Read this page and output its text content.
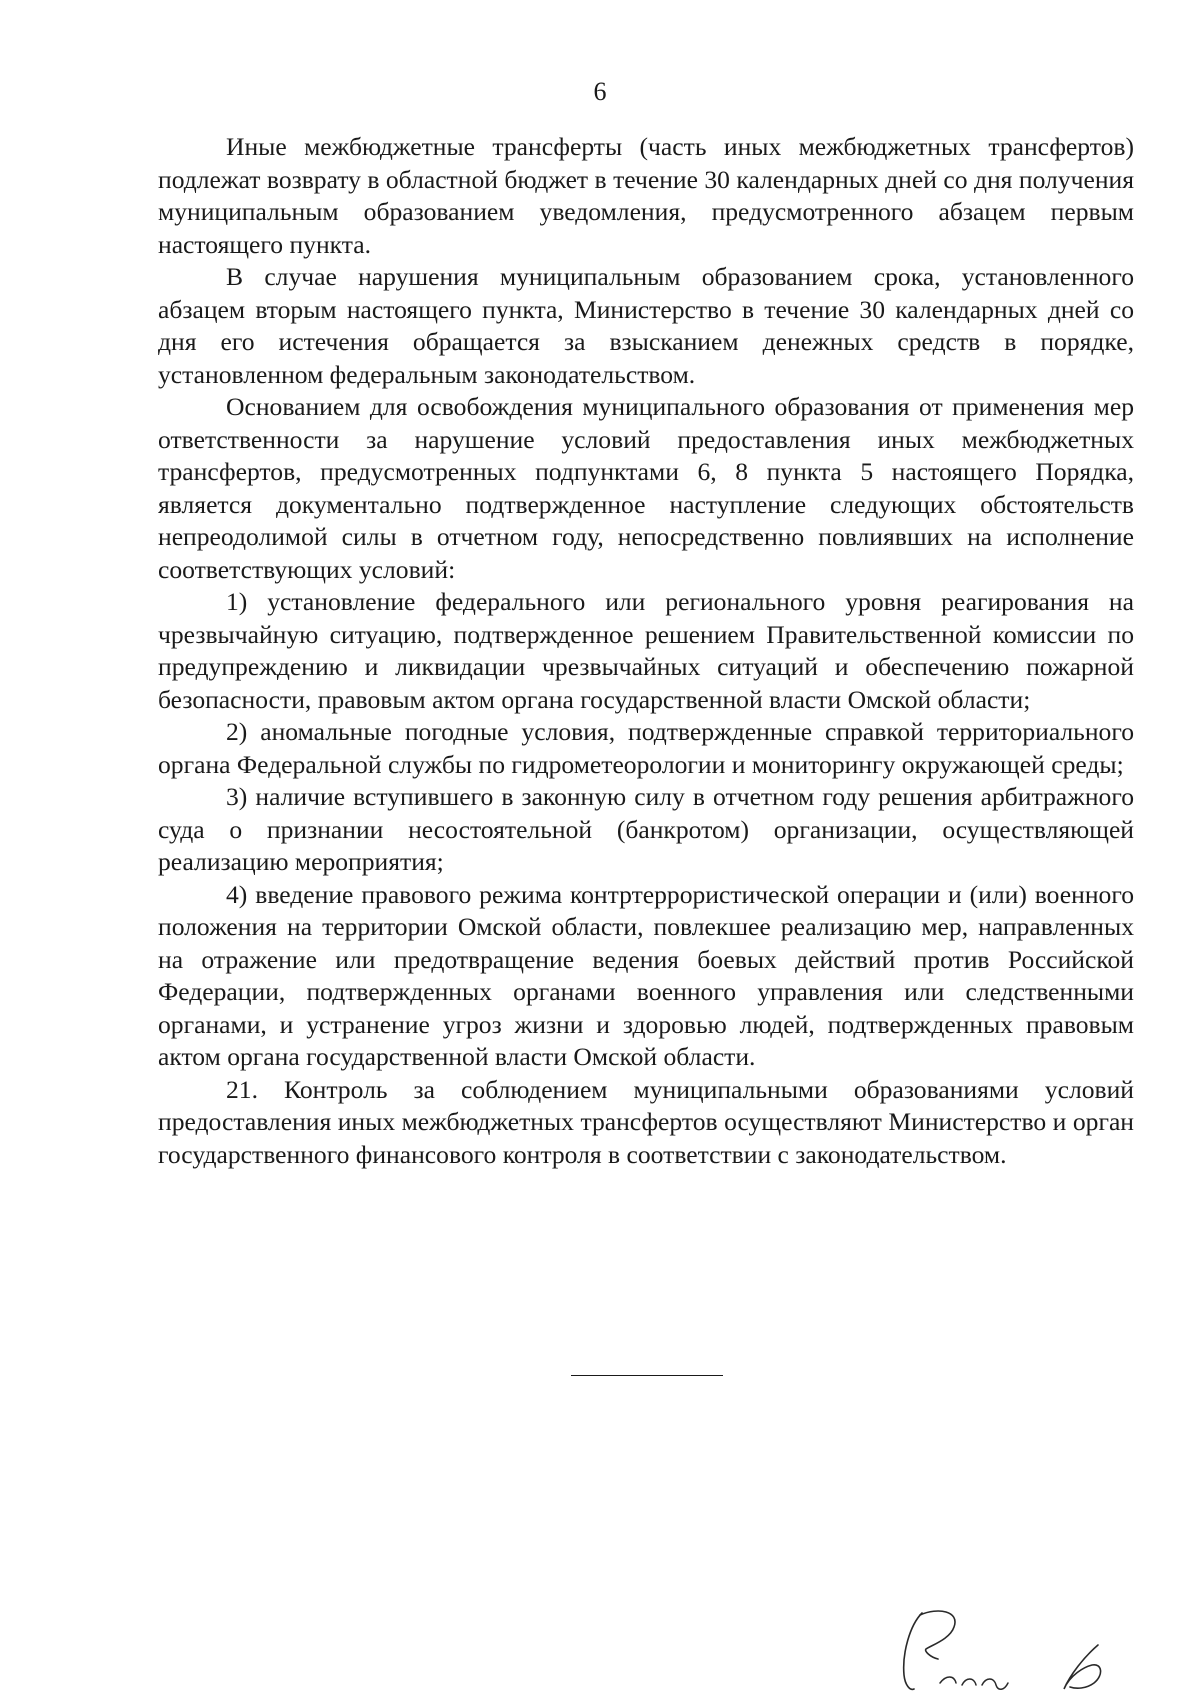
6

Иные межбюджетные трансферты (часть иных межбюджетных трансфертов) подлежат возврату в областной бюджет в течение 30 календарных дней со дня получения муниципальным образованием уведомления, предусмотренного абзацем первым настоящего пункта.

В случае нарушения муниципальным образованием срока, установленного абзацем вторым настоящего пункта, Министерство в течение 30 календарных дней со дня его истечения обращается за взысканием денежных средств в порядке, установленном федеральным законодательством.

Основанием для освобождения муниципального образования от применения мер ответственности за нарушение условий предоставления иных межбюджетных трансфертов, предусмотренных подпунктами 6, 8 пункта 5 настоящего Порядка, является документально подтвержденное наступление следующих обстоятельств непреодолимой силы в отчетном году, непосредственно повлиявших на исполнение соответствующих условий:

1) установление федерального или регионального уровня реагирования на чрезвычайную ситуацию, подтвержденное решением Правительственной комиссии по предупреждению и ликвидации чрезвычайных ситуаций и обеспечению пожарной безопасности, правовым актом органа государственной власти Омской области;

2) аномальные погодные условия, подтвержденные справкой территориального органа Федеральной службы по гидрометеорологии и мониторингу окружающей среды;

3) наличие вступившего в законную силу в отчетном году решения арбитражного суда о признании несостоятельной (банкротом) организации, осуществляющей реализацию мероприятия;

4) введение правового режима контртеррористической операции и (или) военного положения на территории Омской области, повлекшее реализацию мер, направленных на отражение или предотвращение ведения боевых действий против Российской Федерации, подтвержденных органами военного управления или следственными органами, и устранение угроз жизни и здоровью людей, подтвержденных правовым актом органа государственной власти Омской области.

21. Контроль за соблюдением муниципальными образованиями условий предоставления иных межбюджетных трансфертов осуществляют Министерство и орган государственного финансового контроля в соответствии с законодательством.
